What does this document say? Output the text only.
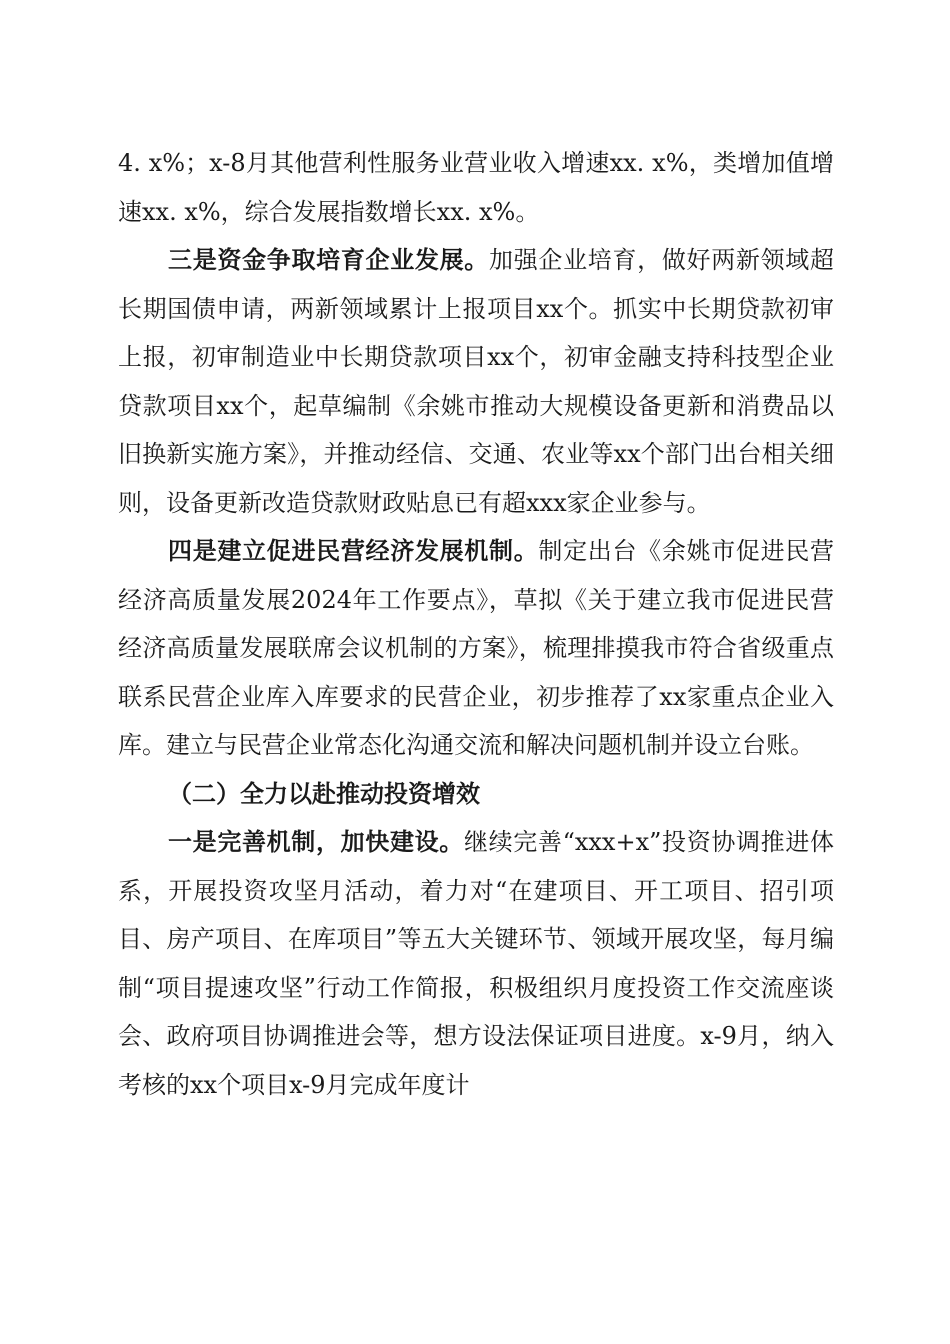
4. x%；x-8月其他营利性服务业营业收入增速xx. x%，类增加值增速xx. x%，综合发展指数增长xx. x%。

三是资金争取培育企业发展。加强企业培育，做好两新领域超长期国债申请，两新领域累计上报项目xx个。抓实中长期贷款初审上报，初审制造业中长期贷款项目xx个，初审金融支持科技型企业贷款项目xx个，起草编制《余姚市推动大规模设备更新和消费品以旧换新实施方案》，并推动经信、交通、农业等xx个部门出台相关细则，设备更新改造贷款财政贴息已有超xxx家企业参与。

四是建立促进民营经济发展机制。制定出台《余姚市促进民营经济高质量发展2024年工作要点》，草拟《关于建立我市促进民营经济高质量发展联席会议机制的方案》，梳理排摸我市符合省级重点联系民营企业库入库要求的民营企业，初步推荐了xx家重点企业入库。建立与民营企业常态化沟通交流和解决问题机制并设立台账。

（二）全力以赴推动投资增效

一是完善机制，加快建设。继续完善“xxx+x”投资协调推进体系，开展投资攻坚月活动，着力对“在建项目、开工项目、招引项目、房产项目、在库项目”等五大关键环节、领域开展攻坚，每月编制“项目提速攻坚”行动工作简报，积极组织月度投资工作交流座谈会、政府项目协调推进会等，想方设法保证项目进度。x-9月，纳入考核的xx个项目x-9月完成年度计
